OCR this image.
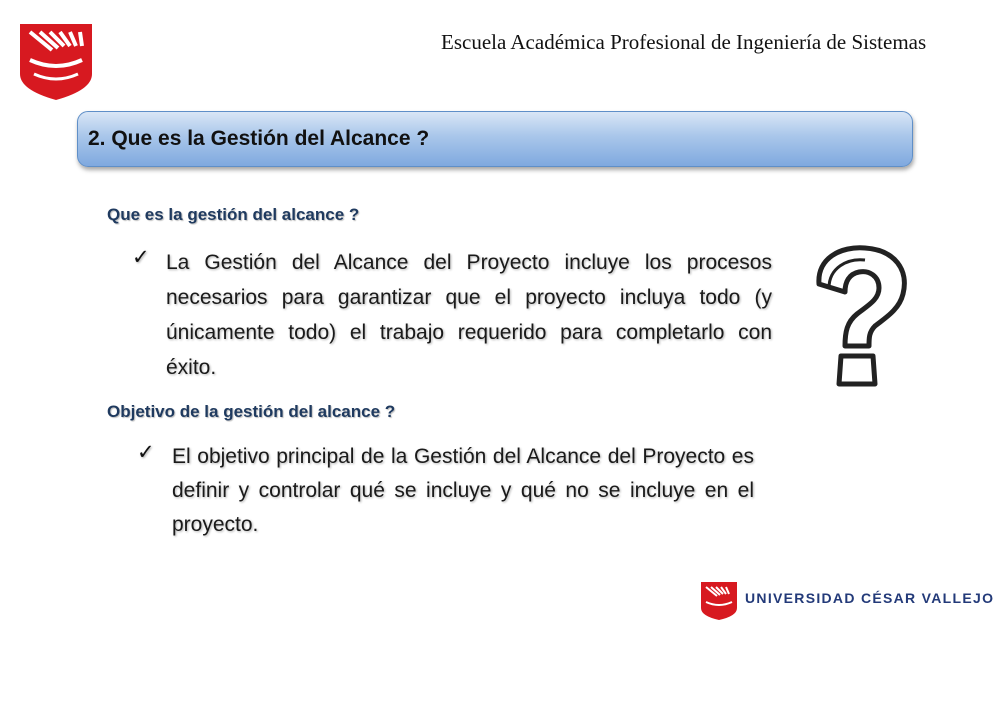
Escuela Académica Profesional de Ingeniería de Sistemas
2. Que es la Gestión del Alcance ?
Que es la gestión del alcance ?
✓ La Gestión del Alcance del Proyecto incluye los procesos necesarios para garantizar que el proyecto incluya todo (y únicamente todo) el trabajo requerido para completarlo con éxito.
Objetivo de la gestión del alcance ?
✓ El objetivo principal de la Gestión del Alcance del Proyecto es definir y controlar qué se incluye y qué no se incluye en el proyecto.
UNIVERSIDAD CÉSAR VALLEJO
